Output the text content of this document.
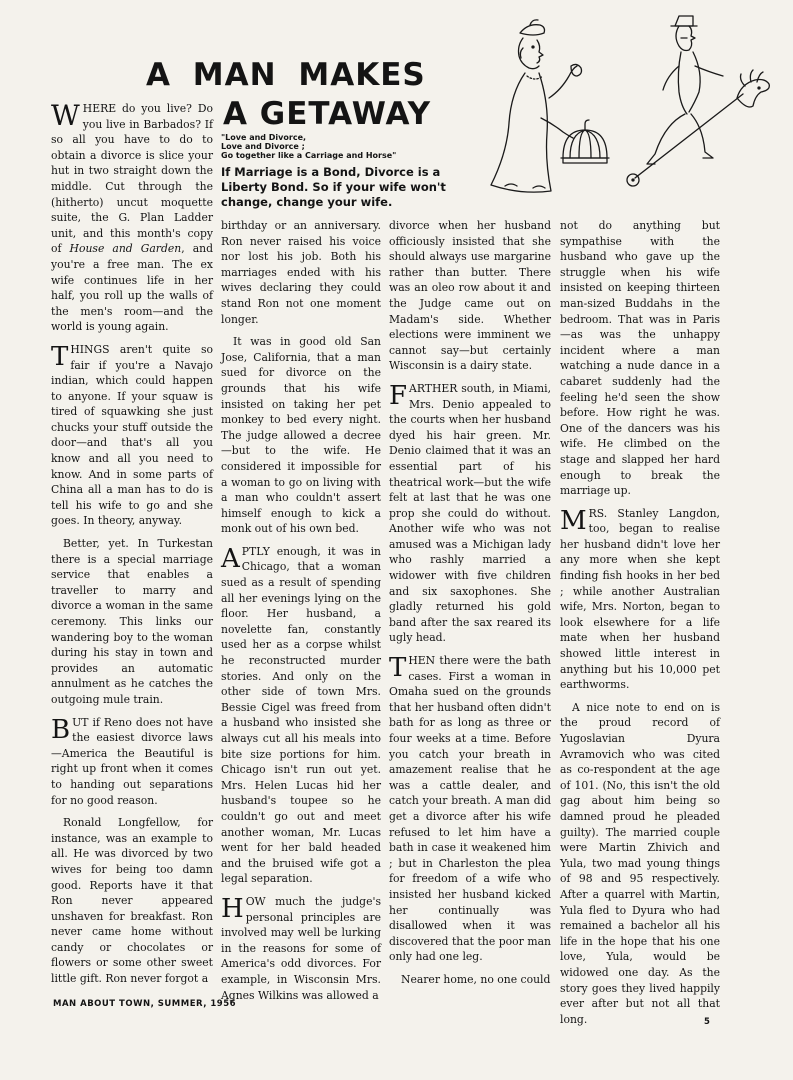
A MAN MAKES
A GETAWAY

"Love and Divorce,
Love and Divorce ;
Go together like a Carriage and Horse"

If Marriage is a Bond, Divorce is a Liberty Bond. So if your wife won't change, change your wife.

WHERE do you live? Do you live in Barbados? If so all you have to do to obtain a divorce is slice your hut in two straight down the middle. Cut through the (hitherto) uncut moquette suite, the G. Plan Ladder unit, and this month's copy of House and Garden, and you're a free man. The ex wife continues life in her half, you roll up the walls of the men's room—and the world is young again.

THINGS aren't quite so fair if you're a Navajo indian, which could happen to anyone. If your squaw is tired of squawking she just chucks your stuff outside the door—and that's all you know and all you need to know. And in some parts of China all a man has to do is tell his wife to go and she goes. In theory, anyway.

Better, yet. In Turkestan there is a special marriage service that enables a traveller to marry and divorce a woman in the same ceremony. This links our wandering boy to the woman during his stay in town and provides an automatic annulment as he catches the outgoing mule train.

BUT if Reno does not have the easiest divorce laws—America the Beautiful is right up front when it comes to handing out separations for no good reason.

Ronald Longfellow, for instance, was an example to all. He was divorced by two wives for being too damn good. Reports have it that Ron never appeared unshaven for breakfast. Ron never came home without candy or chocolates or flowers or some other sweet little gift. Ron never forgot a

birthday or an anniversary. Ron never raised his voice nor lost his job. Both his marriages ended with his wives declaring they could stand Ron not one moment longer.

It was in good old San Jose, California, that a man sued for divorce on the grounds that his wife insisted on taking her pet monkey to bed every night. The judge allowed a decree—but to the wife. He considered it impossible for a woman to go on living with a man who couldn't assert himself enough to kick a monk out of his own bed.

APTLY enough, it was in Chicago, that a woman sued as a result of spending all her evenings lying on the floor. Her husband, a novelette fan, constantly used her as a corpse whilst he reconstructed murder stories. And only on the other side of town Mrs. Bessie Cigel was freed from a husband who insisted she always cut all his meals into bite size portions for him. Chicago isn't run out yet. Mrs. Helen Lucas hid her husband's toupee so he couldn't go out and meet another woman, Mr. Lucas went for her bald headed and the bruised wife got a legal separation.

HOW much the judge's personal principles are involved may well be lurking in the reasons for some of America's odd divorces. For example, in Wisconsin Mrs. Agnes Wilkins was allowed a

divorce when her husband officiously insisted that she should always use margarine rather than butter. There was an oleo row about it and the Judge came out on Madam's side. Whether elections were imminent we cannot say—but certainly Wisconsin is a dairy state.

FARTHER south, in Miami, Mrs. Denio appealed to the courts when her husband dyed his hair green. Mr. Denio claimed that it was an essential part of his theatrical work—but the wife felt at last that he was one prop she could do without. Another wife who was not amused was a Michigan lady who rashly married a widower with five children and six saxophones. She gladly returned his gold band after the sax reared its ugly head.

THEN there were the bath cases. First a woman in Omaha sued on the grounds that her husband often didn't bath for as long as three or four weeks at a time. Before you catch your breath in amazement realise that he was a cattle dealer, and catch your breath. A man did get a divorce after his wife refused to let him have a bath in case it weakened him ; but in Charleston the plea for freedom of a wife who insisted her husband kicked her continually was disallowed when it was discovered that the poor man only had one leg.

Nearer home, no one could

not do anything but sympathise with the husband who gave up the struggle when his wife insisted on keeping thirteen man-sized Buddahs in the bedroom. That was in Paris—as was the unhappy incident where a man watching a nude dance in a cabaret suddenly had the feeling he'd seen the show before. How right he was. One of the dancers was his wife. He climbed on the stage and slapped her hard enough to break the marriage up.

MRS. Stanley Langdon, too, began to realise her husband didn't love her any more when she kept finding fish hooks in her bed ; while another Australian wife, Mrs. Norton, began to look elsewhere for a life mate when her husband showed little interest in anything but his 10,000 pet earthworms.

A nice note to end on is the proud record of Yugoslavian Dyura Avramovich who was cited as co-respondent at the age of 101. (No, this isn't the old gag about him being so damned proud he pleaded guilty). The married couple were Martin Zhivich and Yula, two mad young things of 98 and 95 respectively. After a quarrel with Martin, Yula fled to Dyura who had remained a bachelor all his life in the hope that his one love, Yula, would be widowed one day. As the story goes they lived happily ever after but not all that long.

MAN ABOUT TOWN, SUMMER, 1956

5
